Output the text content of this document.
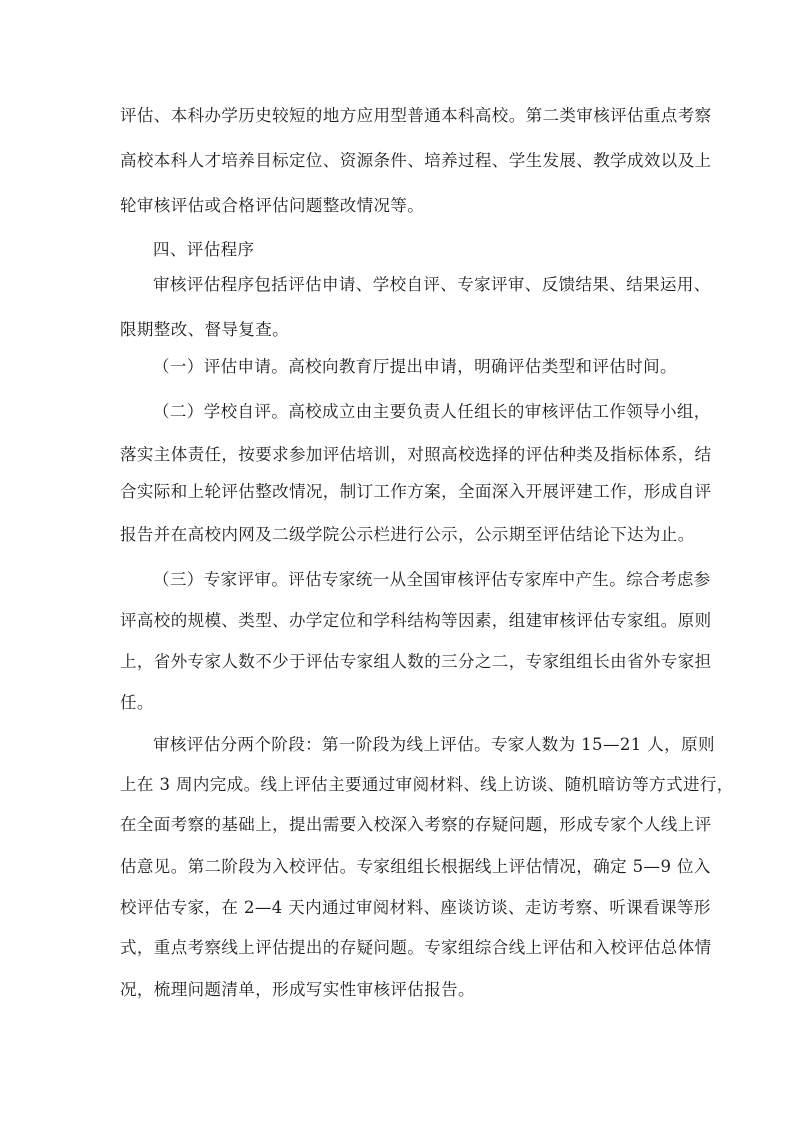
评估、本科办学历史较短的地方应用型普通本科高校。第二类审核评估重点考察
高校本科人才培养目标定位、资源条件、培养过程、学生发展、教学成效以及上
轮审核评估或合格评估问题整改情况等。
四、评估程序
审核评估程序包括评估申请、学校自评、专家评审、反馈结果、结果运用、
限期整改、督导复查。
（一）评估申请。高校向教育厅提出申请，明确评估类型和评估时间。
（二）学校自评。高校成立由主要负责人任组长的审核评估工作领导小组，
落实主体责任，按要求参加评估培训，对照高校选择的评估种类及指标体系，结
合实际和上轮评估整改情况，制订工作方案，全面深入开展评建工作，形成自评
报告并在高校内网及二级学院公示栏进行公示，公示期至评估结论下达为止。
（三）专家评审。评估专家统一从全国审核评估专家库中产生。综合考虑参
评高校的规模、类型、办学定位和学科结构等因素，组建审核评估专家组。原则
上，省外专家人数不少于评估专家组人数的三分之二，专家组组长由省外专家担
任。
审核评估分两个阶段：第一阶段为线上评估。专家人数为 15—21 人，原则
上在 3 周内完成。线上评估主要通过审阅材料、线上访谈、随机暗访等方式进行，
在全面考察的基础上，提出需要入校深入考察的存疑问题，形成专家个人线上评
估意见。第二阶段为入校评估。专家组组长根据线上评估情况，确定 5—9 位入
校评估专家，在 2—4 天内通过审阅材料、座谈访谈、走访考察、听课看课等形
式，重点考察线上评估提出的存疑问题。专家组综合线上评估和入校评估总体情
况，梳理问题清单，形成写实性审核评估报告。
